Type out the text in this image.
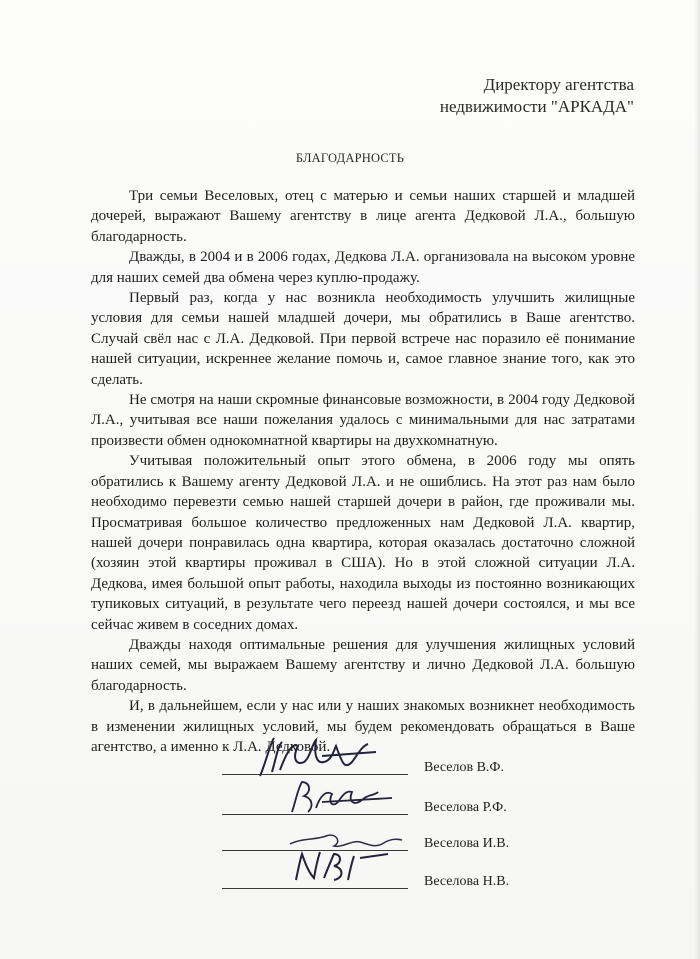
Директору агентства
недвижимости "АРКАДА"
БЛАГОДАРНОСТЬ

Три семьи Веселовых, отец с матерью и семьи наших старшей и младшей дочерей, выражают Вашему агентству в лице агента Дедковой Л.А., большую благодарность.

Дважды, в 2004 и в 2006 годах, Дедкова Л.А. организовала на высоком уровне для наших семей два обмена через куплю-продажу.

Первый раз, когда у нас возникла необходимость улучшить жилищные условия для семьи нашей младшей дочери, мы обратились в Ваше агентство. Случай свёл нас с Л.А. Дедковой. При первой встрече нас поразило её понимание нашей ситуации, искреннее желание помочь и, самое главное знание того, как это сделать.

Не смотря на наши скромные финансовые возможности, в 2004 году Дедковой Л.А., учитывая все наши пожелания удалось с минимальными для нас затратами произвести обмен однокомнатной квартиры на двухкомнатную.

Учитывая положительный опыт этого обмена, в 2006 году мы опять обратились к Вашему агенту Дедковой Л.А. и не ошиблись. На этот раз нам было необходимо перевезти семью нашей старшей дочери в район, где проживали мы. Просматривая большое количество предложенных нам Дедковой Л.А. квартир, нашей дочери понравилась одна квартира, которая оказалась достаточно сложной (хозяин этой квартиры проживал в США). Но в этой сложной ситуации Л.А. Дедкова, имея большой опыт работы, находила выходы из постоянно возникающих тупиковых ситуаций, в результате чего переезд нашей дочери состоялся, и мы все сейчас живем в соседних домах.

Дважды находя оптимальные решения для улучшения жилищных условий наших семей, мы выражаем Вашему агентству и лично Дедковой Л.А. большую благодарность.

И, в дальнейшем, если у нас или у наших знакомых возникнет необходимость в изменении жилищных условий, мы будем рекомендовать обращаться в Ваше агентство, а именно к Л.А. Дедковой.

Веселов В.Ф.
Веселова Р.Ф.
Веселова И.В.
Веселова Н.В.
